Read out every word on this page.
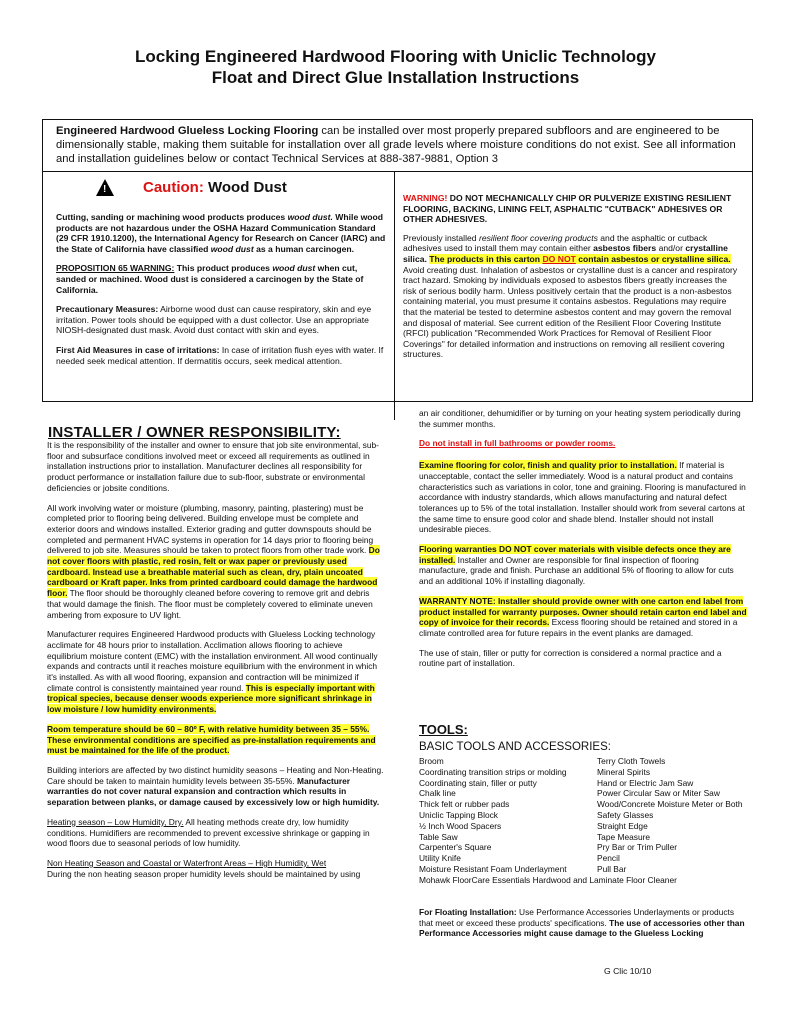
Locking Engineered Hardwood Flooring with Uniclic Technology
Float and Direct Glue Installation Instructions
Engineered Hardwood Glueless Locking Flooring can be installed over most properly prepared subfloors and are engineered to be dimensionally stable, making them suitable for installation over all grade levels where moisture conditions do not exist. See all information and installation guidelines below or contact Technical Services at 888-387-9881, Option 3
! Caution: Wood Dust

Cutting, sanding or machining wood products produces wood dust. While wood products are not hazardous under the OSHA Hazard Communication Standard (29 CFR 1910.1200), the International Agency for Research on Cancer (IARC) and the State of California have classified wood dust as a human carcinogen.

PROPOSITION 65 WARNING: This product produces wood dust when cut, sanded or machined. Wood dust is considered a carcinogen by the State of California.

Precautionary Measures: Airborne wood dust can cause respiratory, skin and eye irritation. Power tools should be equipped with a dust collector. Use an appropriate NIOSH-designated dust mask. Avoid dust contact with skin and eyes.

First Aid Measures in case of irritations: In case of irritation flush eyes with water. If needed seek medical attention. If dermatitis occurs, seek medical attention.

WARNING! DO NOT MECHANICALLY CHIP OR PULVERIZE EXISTING RESILIENT FLOORING, BACKING, LINING FELT, ASPHALTIC "CUTBACK" ADHESIVES OR OTHER ADHESIVES.

Previously installed resilient floor covering products and the asphaltic or cutback adhesives used to install them may contain either asbestos fibers and/or crystalline silica. The products in this carton DO NOT contain asbestos or crystalline silica. Avoid creating dust. Inhalation of asbestos or crystalline dust is a cancer and respiratory tract hazard. Smoking by individuals exposed to asbestos fibers greatly increases the risk of serious bodily harm. Unless positively certain that the product is a non-asbestos containing material, you must presume it contains asbestos. Regulations may require that the material be tested to determine asbestos content and may govern the removal and disposal of material. See current edition of the Resilient Floor Covering Institute (RFCI) publication "Recommended Work Practices for Removal of Resilient Floor Coverings" for detailed information and instructions on removing all resilient covering structures.

INSTALLER / OWNER RESPONSIBILITY:

It is the responsibility of the installer and owner to ensure that job site environmental, sub-floor and subsurface conditions involved meet or exceed all requirements as outlined in installation instructions prior to installation. Manufacturer declines all responsibility for product performance or installation failure due to sub-floor, substrate or environmental deficiencies or jobsite conditions.

All work involving water or moisture (plumbing, masonry, painting, plastering) must be completed prior to flooring being delivered. Building envelope must be complete and exterior doors and windows installed. Exterior grading and gutter downspouts should be completed and permanent HVAC systems in operation for 14 days prior to flooring being delivered to job site. Measures should be taken to protect floors from other trade work. Do not cover floors with plastic, red rosin, felt or wax paper or previously used cardboard. Instead use a breathable material such as clean, dry, plain uncoated cardboard or Kraft paper. Inks from printed cardboard could damage the hardwood floor. The floor should be thoroughly cleaned before covering to remove grit and debris that would damage the finish. The floor must be completely covered to eliminate uneven ambering from exposure to UV light.

Manufacturer requires Engineered Hardwood products with Glueless Locking technology acclimate for 48 hours prior to installation. Acclimation allows flooring to achieve equilibrium moisture content (EMC) with the installation environment. All wood continually expands and contracts until it reaches moisture equilibrium with the environment in which it's installed. As with all wood flooring, expansion and contraction will be minimized if climate control is consistently maintained year round. This is especially important with tropical species, because denser woods experience more significant shrinkage in low moisture / low humidity environments.

Room temperature should be 60 – 80º F, with relative humidity between 35 – 55%. These environmental conditions are specified as pre-installation requirements and must be maintained for the life of the product.

Building interiors are affected by two distinct humidity seasons – Heating and Non-Heating. Care should be taken to maintain humidity levels between 35-55%. Manufacturer warranties do not cover natural expansion and contraction which results in separation between planks, or damage caused by excessively low or high humidity.

Heating season – Low Humidity, Dry. All heating methods create dry, low humidity conditions. Humidifiers are recommended to prevent excessive shrinkage or gapping in wood floors due to seasonal periods of low humidity.

Non Heating Season and Coastal or Waterfront Areas – High Humidity, Wet
During the non heating season proper humidity levels should be maintained by using

an air conditioner, dehumidifier or by turning on your heating system periodically during the summer months.

Do not install in full bathrooms or powder rooms.

Examine flooring for color, finish and quality prior to installation. If material is unacceptable, contact the seller immediately. Wood is a natural product and contains characteristics such as variations in color, tone and graining. Flooring is manufactured in accordance with industry standards, which allows manufacturing and natural defect tolerances up to 5% of the total installation. Installer should work from several cartons at the same time to ensure good color and shade blend. Installer should not install undesirable pieces.

Flooring warranties DO NOT cover materials with visible defects once they are installed. Installer and Owner are responsible for final inspection of flooring manufacture, grade and finish. Purchase an additional 5% of flooring to allow for cuts and an additional 10% if installing diagonally.

WARRANTY NOTE: Installer should provide owner with one carton end label from product installed for warranty purposes. Owner should retain carton end label and copy of invoice for their records. Excess flooring should be retained and stored in a climate controlled area for future repairs in the event planks are damaged.

The use of stain, filler or putty for correction is considered a normal practice and a routine part of installation.

TOOLS:
BASIC TOOLS AND ACCESSORIES:
Broom	Terry Cloth Towels
Coordinating transition strips or molding	Mineral Spirits
Coordinating stain, filler or putty	Hand or Electric Jam Saw
Chalk line	Power Circular Saw or Miter Saw
Thick felt or rubber pads	Wood/Concrete Moisture Meter or Both
Uniclic Tapping Block	Safety Glasses
½ Inch Wood Spacers	Straight Edge
Table Saw	Tape Measure
Carpenter's Square	Pry Bar or Trim Puller
Utility Knife	Pencil
Moisture Resistant Foam Underlayment	Pull Bar
Mohawk FloorCare Essentials Hardwood and Laminate Floor Cleaner
For Floating Installation: Use Performance Accessories Underlayments or products that meet or exceed these products' specifications. The use of accessories other than Performance Accessories might cause damage to the Glueless Locking
G Clic 10/10
